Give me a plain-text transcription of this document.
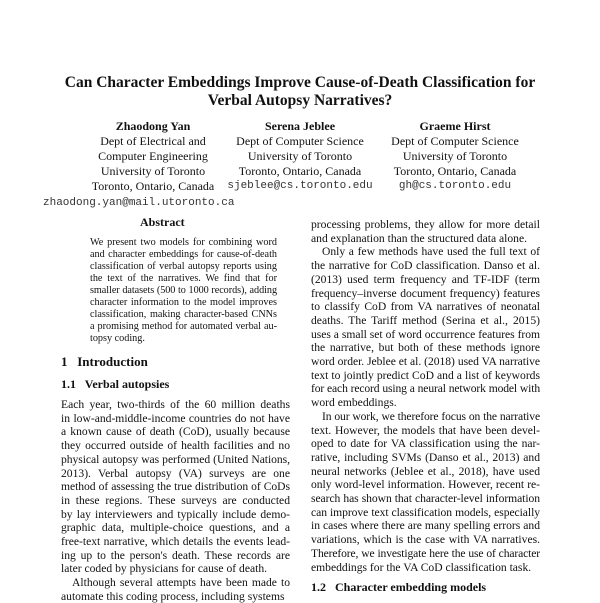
Can Character Embeddings Improve Cause-of-Death Classification for
Verbal Autopsy Narratives?
Zhaodong Yan
Dept of Electrical and
Computer Engineering
University of Toronto
Toronto, Ontario, Canada
zhaodong.yan@mail.utoronto.ca
Serena Jeblee
Dept of Computer Science
University of Toronto
Toronto, Ontario, Canada
sjeblee@cs.toronto.edu
Graeme Hirst
Dept of Computer Science
University of Toronto
Toronto, Ontario, Canada
gh@cs.toronto.edu
Abstract
We present two models for combining word
and character embeddings for cause-of-death
classification of verbal autopsy reports using
the text of the narratives. We find that for
smaller datasets (500 to 1000 records), adding
character information to the model improves
classification, making character-based CNNs
a promising method for automated verbal au-
topsy coding.
1   Introduction
1.1   Verbal autopsies
Each year, two-thirds of the 60 million deaths
in low-and-middle-income countries do not have
a known cause of death (CoD), usually because
they occurred outside of health facilities and no
physical autopsy was performed (United Nations,
2013). Verbal autopsy (VA) surveys are one
method of assessing the true distribution of CoDs
in these regions. These surveys are conducted
by lay interviewers and typically include demo-
graphic data, multiple-choice questions, and a
free-text narrative, which details the events lead-
ing up to the person's death. These records are
later coded by physicians for cause of death.
Although several attempts have been made to
automate this coding process, including systems
processing problems, they allow for more detail
and explanation than the structured data alone.
Only a few methods have used the full text of
the narrative for CoD classification. Danso et al.
(2013) used term frequency and TF-IDF (term
frequency–inverse document frequency) features
to classify CoD from VA narratives of neonatal
deaths. The Tariff method (Serina et al., 2015)
uses a small set of word occurrence features from
the narrative, but both of these methods ignore
word order. Jeblee et al. (2018) used VA narrative
text to jointly predict CoD and a list of keywords
for each record using a neural network model with
word embeddings.
In our work, we therefore focus on the narrative
text. However, the models that have been devel-
oped to date for VA classification using the nar-
rative, including SVMs (Danso et al., 2013) and
neural networks (Jeblee et al., 2018), have used
only word-level information. However, recent re-
search has shown that character-level information
can improve text classification models, especially
in cases where there are many spelling errors and
variations, which is the case with VA narratives.
Therefore, we investigate here the use of character
embeddings for the VA CoD classification task.
1.2   Character embedding models
